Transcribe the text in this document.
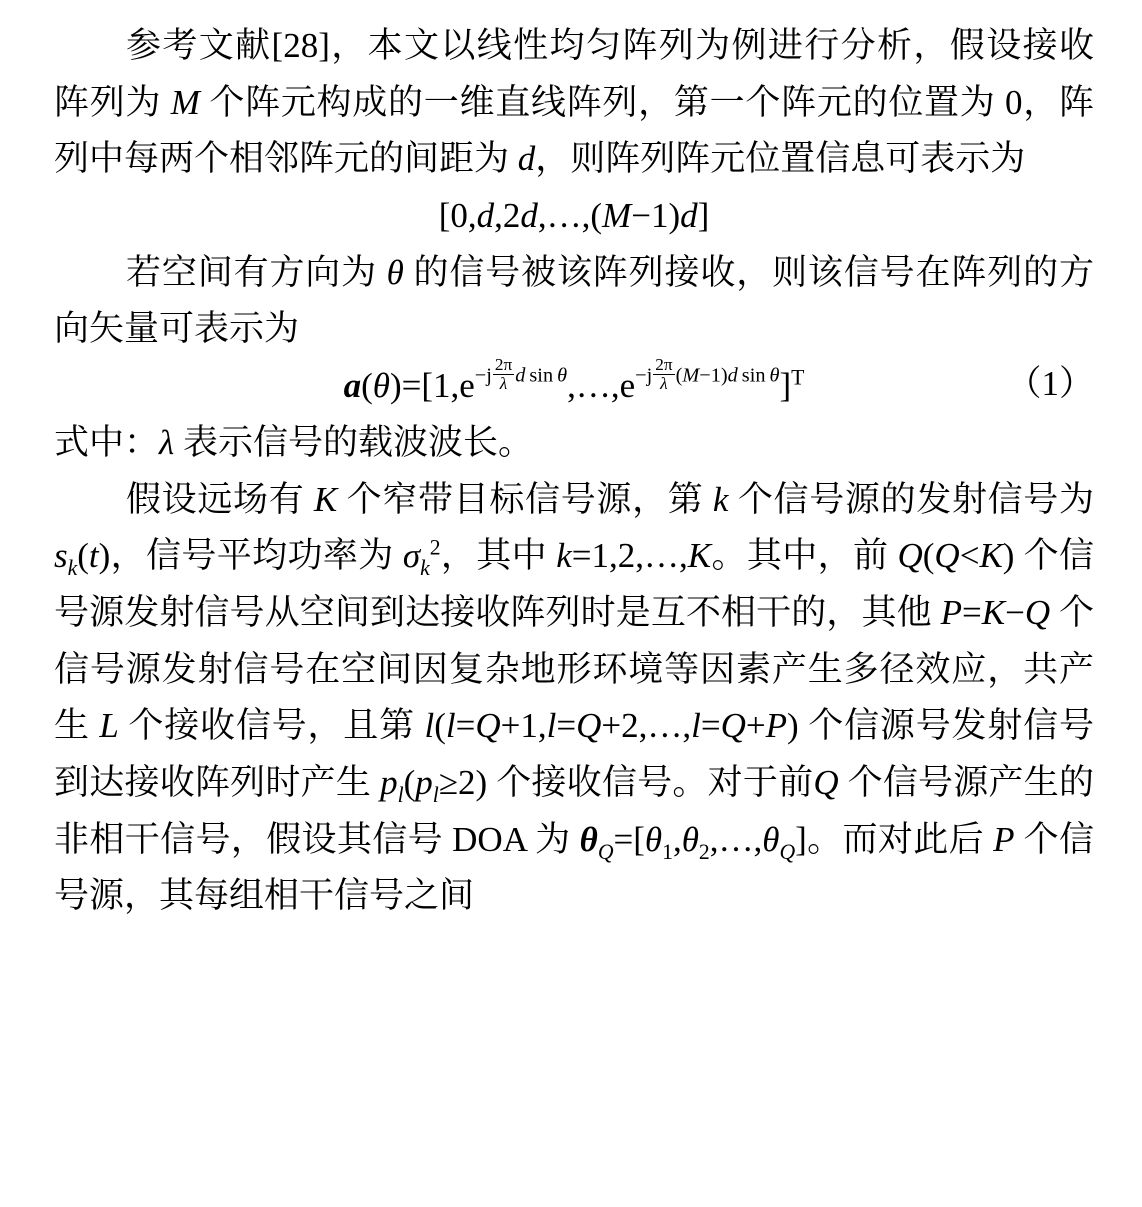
参考文献[28]，本文以线性均匀阵列为例进行分析，假设接收阵列为 M 个阵元构成的一维直线阵列，第一个阵元的位置为 0，阵列中每两个相邻阵元的间距为 d，则阵列阵元位置信息可表示为

[0,d,2d,…,(M−1)d]

若空间有方向为 θ 的信号被该阵列接收，则该信号在阵列的方向矢量可表示为

$a(\theta)=[1,e-j \frac{2\pi}{\lambda}$ d sin θ,…,e−j $\frac{2\pi}{\lambda} (M-1)d$ sin θ]$^T$	（1）

式中：λ 表示信号的载波波长。

假设远场有 K 个窄带目标信号源，第 k 个信号源的发射信号为 $s_k(t)$，信号平均功率为 $\sigma_k^2$，其中 k=1,2,…,K。其中，前 Q(Q<K) 个信号源发射信号从空间到达接收阵列时是互不相干的，其他 P=K−Q 个信号源发射信号在空间因复杂地形环境等因素产生多径效应，共产生 L 个接收信号，且第 l(l=Q+1,l=Q+2,…,l=Q+P) 个信源号发射信号到达接收阵列时产生 $p_l(p_l\ge 2)$ 个接收信号。对于前Q 个信号源产生的非相干信号，假设其信号 DOA 为 $\theta_Q=[\theta_1,\theta_2,\dots,\theta_Q]$。而对此后 P 个信号源，其每组相干信号之间
